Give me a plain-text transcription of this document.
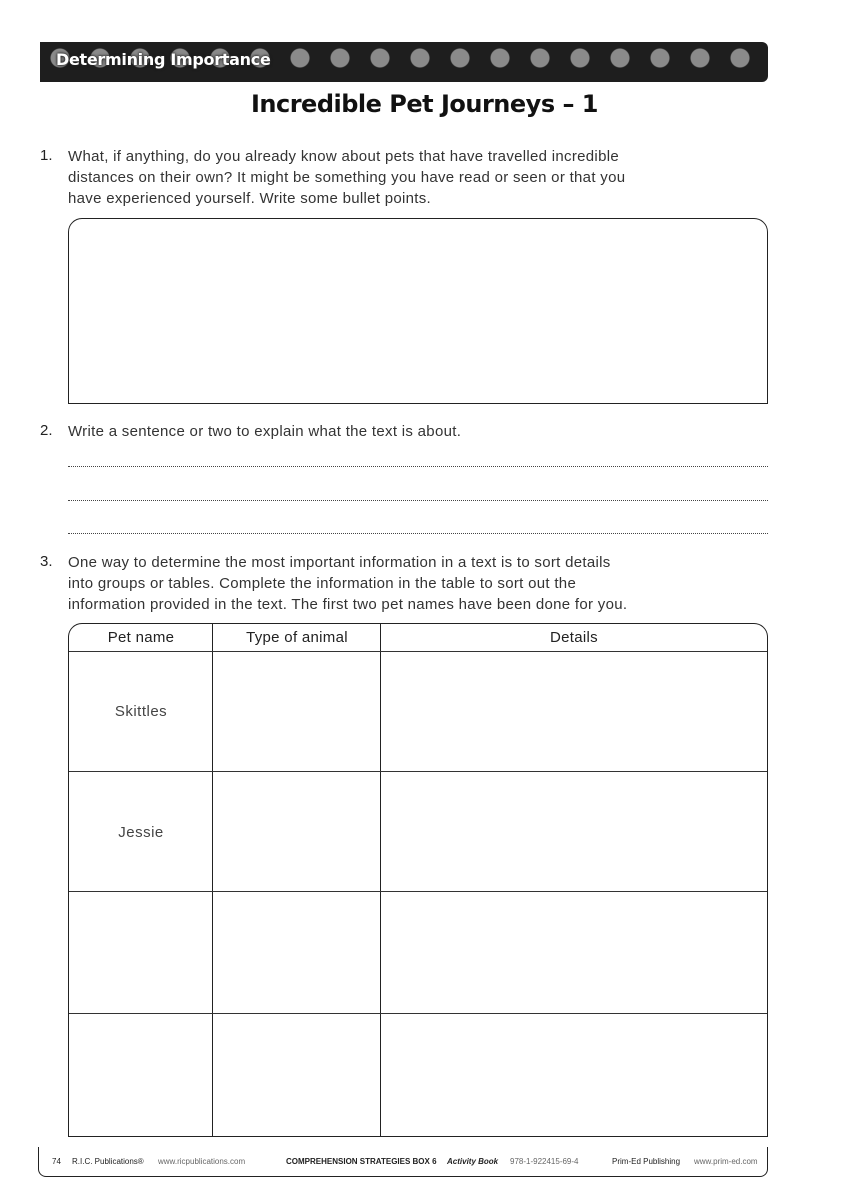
Determining Importance
Incredible Pet Journeys – 1
1. What, if anything, do you already know about pets that have travelled incredible
distances on their own? It might be something you have read or seen or that you
have experienced yourself. Write some bullet points.
2. Write a sentence or two to explain what the text is about.
3. One way to determine the most important information in a text is to sort details
into groups or tables. Complete the information in the table to sort out the
information provided in the text. The first two pet names have been done for you.
Pet name	Type of animal	Details
Skittles
Jessie
74 R.I.C. Publications® www.ricpublications.com	COMPREHENSION STRATEGIES BOX 6 Activity Book 978-1-922415-69-4	Prim-Ed Publishing www.prim-ed.com
